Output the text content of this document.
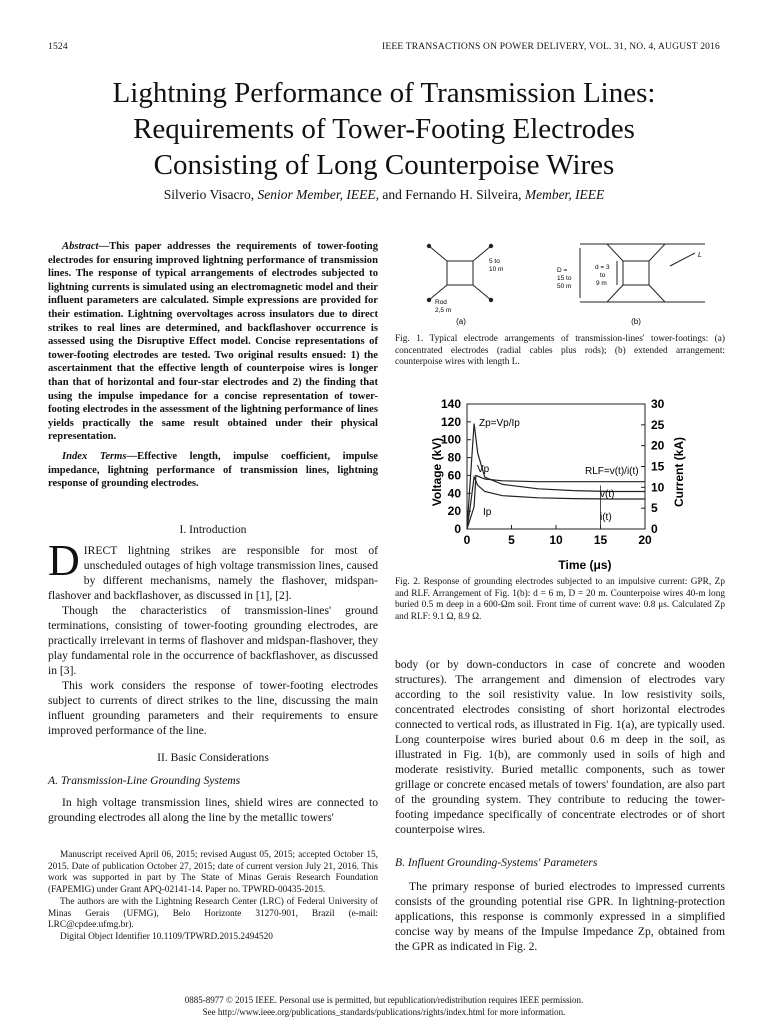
1524	IEEE TRANSACTIONS ON POWER DELIVERY, VOL. 31, NO. 4, AUGUST 2016
Lightning Performance of Transmission Lines:
Requirements of Tower-Footing Electrodes
Consisting of Long Counterpoise Wires
Silverio Visacro, Senior Member, IEEE, and Fernando H. Silveira, Member, IEEE

Abstract—This paper addresses the requirements of tower-footing electrodes for ensuring improved lightning performance of transmission lines. The response of typical arrangements of electrodes subjected to lightning currents is simulated using an electromagnetic model and their influent parameters are calculated. Simple expressions are provided for their estimation. Lightning overvoltages across insulators due to direct strikes to real lines are determined, and backflashover occurrence is assessed using the Disruptive Effect model. Concise representations of tower-footing electrodes are tested. Two original results ensued: 1) the ascertainment that the effective length of counterpoise wires is longer than that of horizontal and four-star electrodes and 2) the finding that using the impulse impedance for a concise representation of tower-footing electrodes in the assessment of the lightning performance of lines yields practically the same result obtained under their physical representation.

Index Terms—Effective length, impulse coefficient, impulse impedance, lightning performance of transmission lines, lightning response of grounding electrodes.

I. Introduction

DIRECT lightning strikes are responsible for most of unscheduled outages of high voltage transmission lines, caused by different mechanisms, namely the flashover, midspan-flashover and backflashover, as discussed in [1], [2].

Though the characteristics of transmission-lines' ground terminations, consisting of tower-footing grounding electrodes, are practically irrelevant in terms of flashover and midspan-flashover, they play fundamental role in the occurrence of backflashover, as discussed in [3].

This work considers the response of tower-footing electrodes subject to currents of direct strikes to the line, discussing the main influent grounding parameters and their requirements to ensure improved performance of the line.

II. Basic Considerations
A. Transmission-Line Grounding Systems

In high voltage transmission lines, shield wires are connected to grounding electrodes all along the line by the metallic towers'

Manuscript received April 06, 2015; revised August 05, 2015; accepted October 15, 2015. Date of publication October 27, 2015; date of current version July 21, 2016. This work was supported in part by The State of Minas Gerais Research Foundation (FAPEMIG) under Grant APQ-02141-14. Paper no. TPWRD-00435-2015.

The authors are with the Lightning Research Center (LRC) of Federal University of Minas Gerais (UFMG), Belo Horizonte 31270-901, Brazil (e-mail: LRC@cpdee.ufmg.br).

Digital Object Identifier 10.1109/TPWRD.2015.2494520

5 to
10 m
Rod
2,5 m
(a)
D =
15 to
50 m
d = 3
to
9 m
L
(b)
Fig. 1. Typical electrode arrangements of transmission-lines' tower-footings: (a) concentrated electrodes (radial cables plus rods); (b) extended arrangement: counterpoise wires with length L.
0
20
40
60
80
100
120
140
0
5
10
15
20
25
30
0	5	10	15	20
Time (μs)
Voltage (kV)	Current (kA)
Zp=Vp/Ip
Vp
Ip
RLF=v(t)/i(t)
v(t)
i(t)
Fig. 2. Response of grounding electrodes subjected to an impulsive current: GPR, Zp and RLF. Arrangement of Fig. 1(b): d = 6 m, D = 20 m. Counterpoise wires 40-m long buried 0.5 m deep in a 600-Ωm soil. Front time of current wave: 0.8 μs. Calculated Zp and RLF: 9.1 Ω, 8.9 Ω.

body (or by down-conductors in case of concrete and wooden structures). The arrangement and dimension of electrodes vary according to the soil resistivity value. In low resistivity soils, concentrated electrodes consisting of short horizontal electrodes connected to vertical rods, as illustrated in Fig. 1(a), are typically used. Long counterpoise wires buried about 0.6 m deep in the soil, as illustrated in Fig. 1(b), are commonly used in soils of high and moderate resistivity. Buried metallic components, such as tower grillage or concrete encased metals of towers' foundation, are also part of the grounding system. They contribute to reducing the tower-footing impedance specifically of concentrate electrodes or of short counterpoise wires.

B. Influent Grounding-Systems' Parameters

The primary response of buried electrodes to impressed currents consists of the grounding potential rise GPR. In lightning-protection applications, this response is commonly expressed in a simplified concise way by means of the Impulse Impedance Zp, obtained from the GPR as indicated in Fig. 2.

0885-8977 © 2015 IEEE. Personal use is permitted, but republication/redistribution requires IEEE permission.
See http://www.ieee.org/publications_standards/publications/rights/index.html for more information.
